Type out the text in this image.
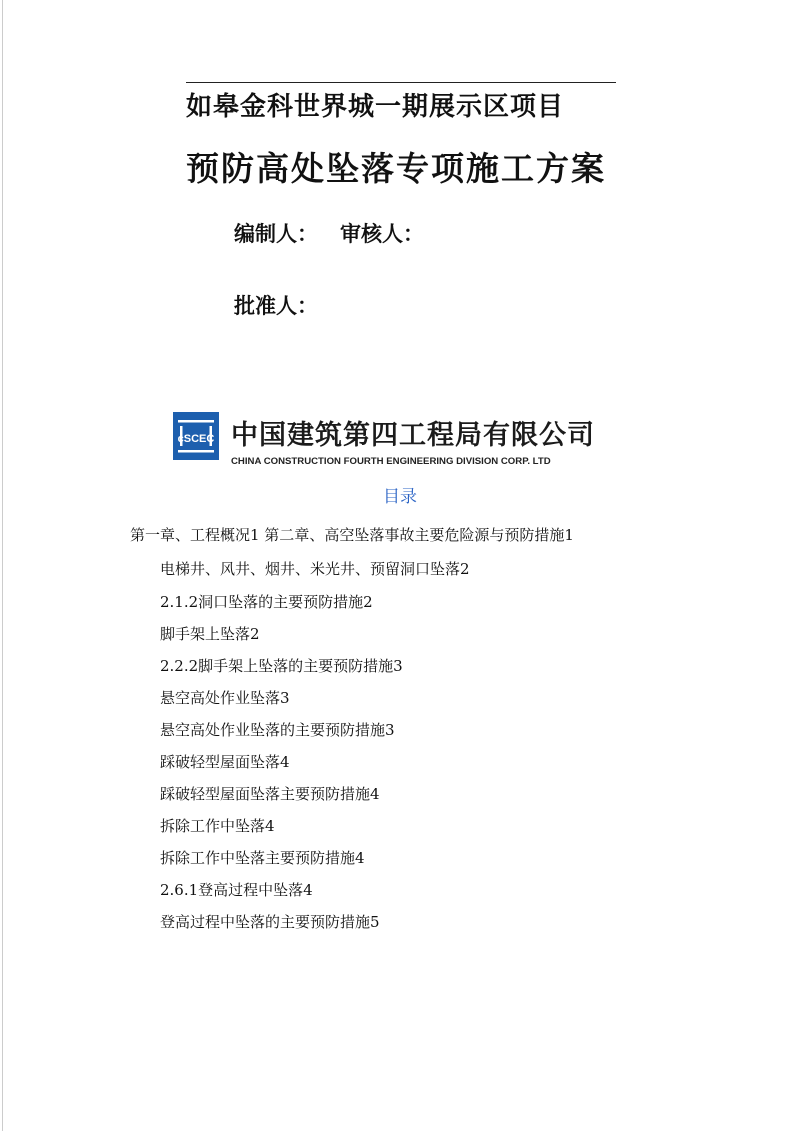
如皋金科世界城一期展示区项目
预防高处坠落专项施工方案
编制人： 审核人：
批准人：
cSCEC 中国建筑第四工程局有限公司
CHINA CONSTRUCTION FOURTH ENGINEERING DIVISION CORP. LTD
目录
第一章、工程概况1 第二章、高空坠落事故主要危险源与预防措施1
电梯井、风井、烟井、米光井、预留洞口坠落2
2.1.2洞口坠落的主要预防措施2
脚手架上坠落2
2.2.2脚手架上坠落的主要预防措施3
悬空高处作业坠落3
悬空高处作业坠落的主要预防措施3
踩破轻型屋面坠落4
踩破轻型屋面坠落主要预防措施4
拆除工作中坠落4
拆除工作中坠落主要预防措施4
2.6.1登高过程中坠落4
登高过程中坠落的主要预防措施5
